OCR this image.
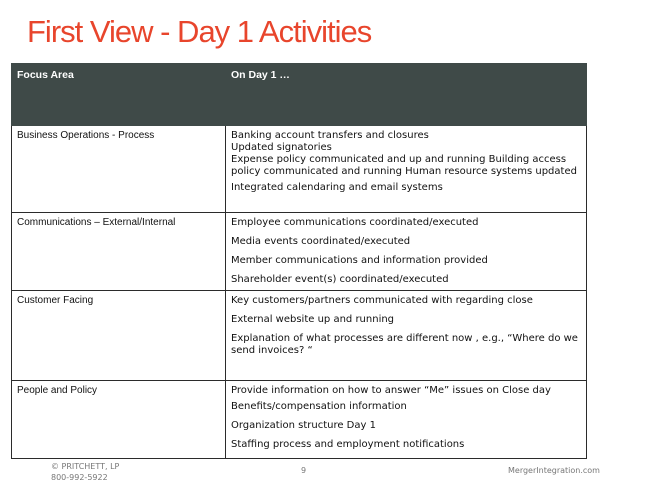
First View - Day 1 Activities
Focus Area	On Day 1 …
Business Operations - Process	Banking account transfers and closures

Updated signatories

Expense policy communicated and up and running Building access policy communicated and running Human resource systems updated

Integrated calendaring and email systems

Communications – External/Internal	Employee communications coordinated/executed

Media events coordinated/executed

Member communications and information provided

Shareholder event(s) coordinated/executed

Customer Facing	Key customers/partners communicated with regarding close

External website up and running

Explanation of what processes are different now , e.g., “Where do we send invoices? “

People and Policy	Provide information on how to answer “Me” issues on Close day

Benefits/compensation information

Organization structure Day 1

Staffing process and employment notifications

© PRITCHETT, LP
800-992-5922
9	MergerIntegration.com
